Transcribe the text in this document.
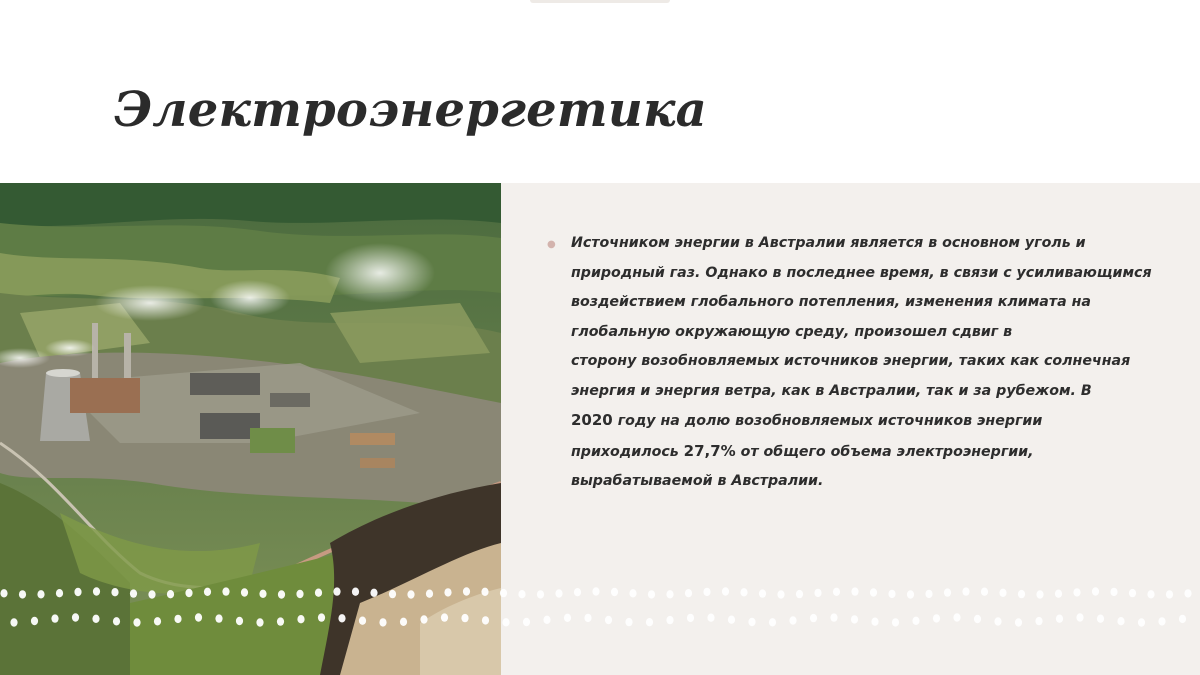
Электроэнергетика
● Источником энергии в Австралии является в основном уголь и
природный газ. Однако в последнее время, в связи с усиливающимся
воздействием глобального потепления, изменения климата на
глобальную окружающую среду, произошел сдвиг в
сторону возобновляемых источников энергии, таких как солнечная
энергия и энергия ветра, как в Австралии, так и за рубежом. В
2020 году на долю возобновляемых источников энергии
приходилось 27,7% от общего объема электроэнергии,
вырабатываемой в Австралии.
